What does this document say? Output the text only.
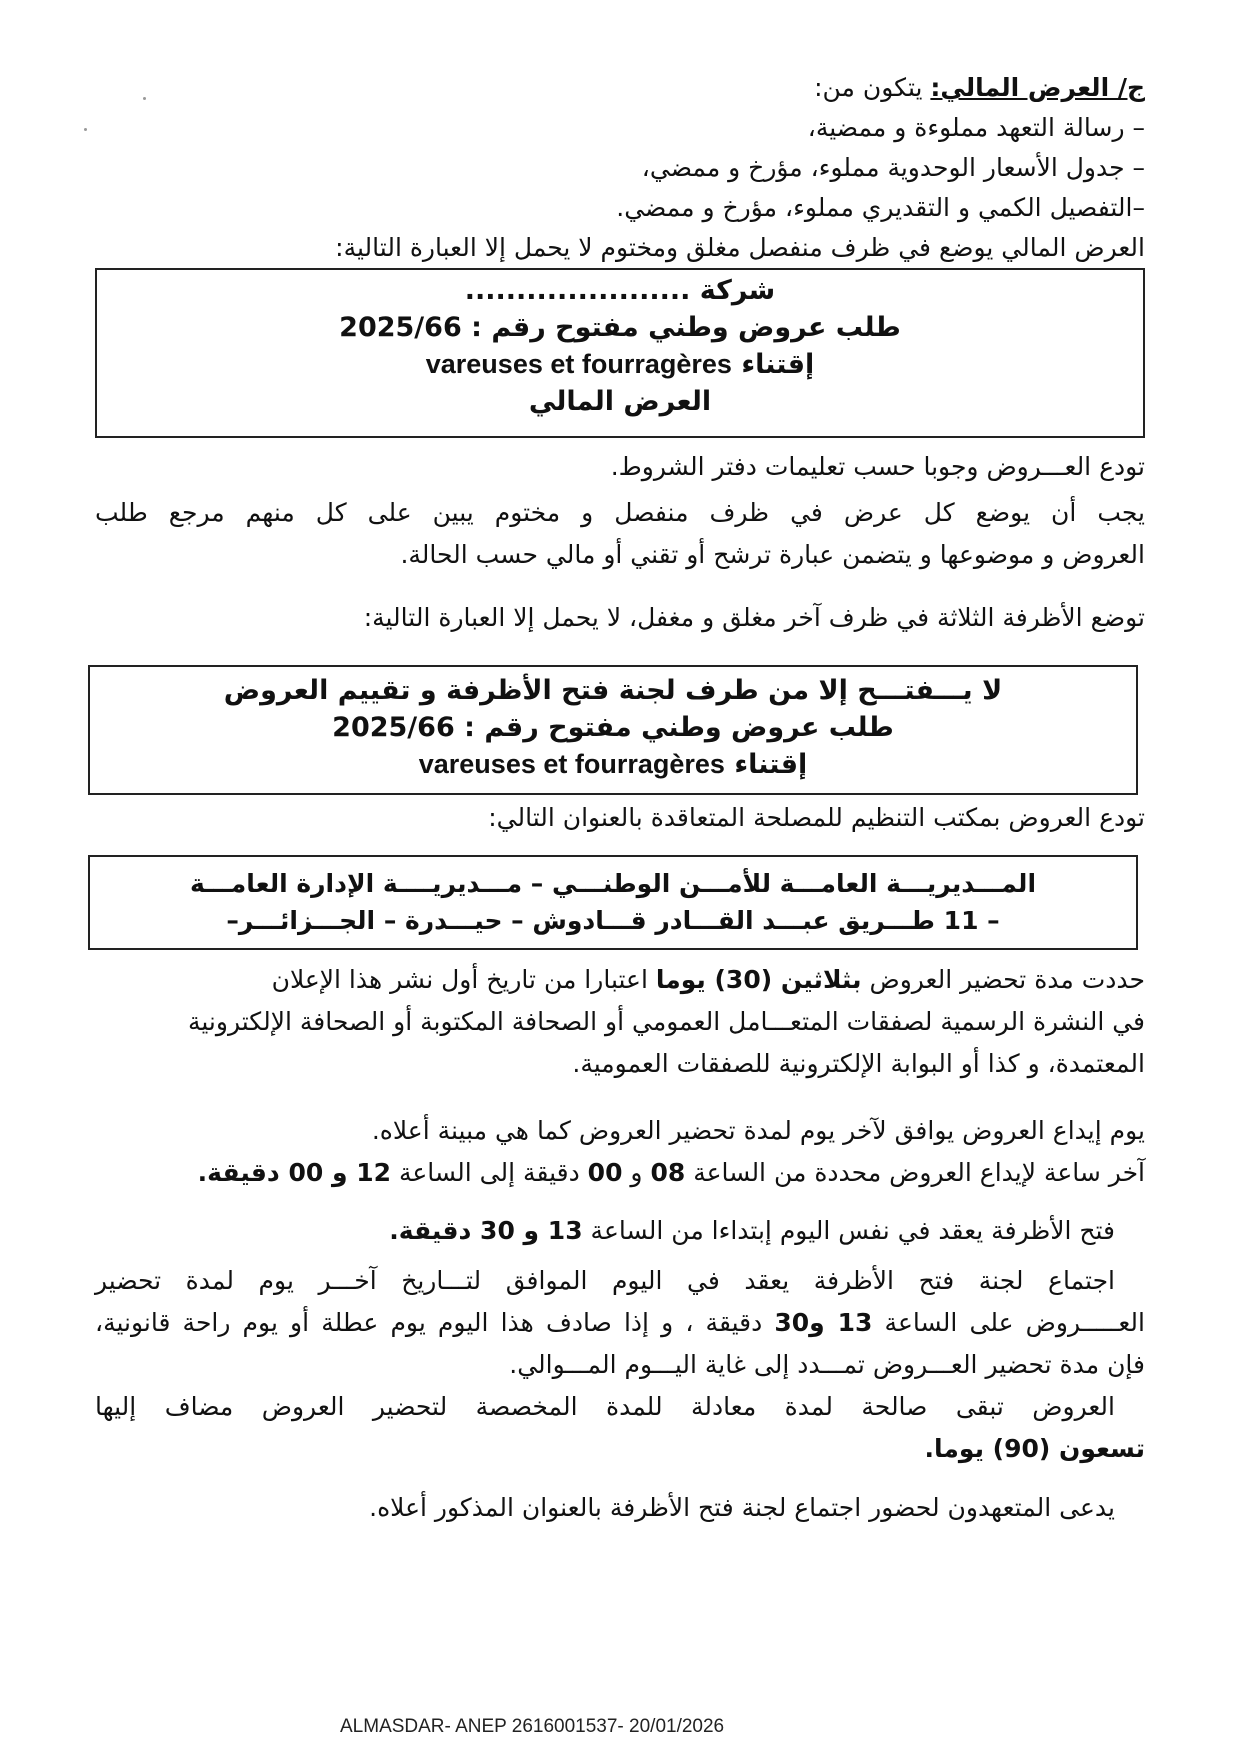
ج/ العرض المالي: يتكون من:
– رسالة التعهد مملوءة و ممضية،
– جدول الأسعار الوحدوية مملوء، مؤرخ و ممضي،
–التفصيل الكمي و التقديري مملوء، مؤرخ و ممضي.
العرض المالي يوضع في ظرف منفصل مغلق ومختوم لا يحمل إلا العبارة التالية:
شركة ......................
طلب عروض وطني مفتوح رقم : 2025/66
إقتناء vareuses et fourragères
العرض المالي
تودع العـــروض وجوبا حسب تعليمات دفتر الشروط.
يجب أن يوضع كل عرض في ظرف منفصل و مختوم يبين على كل منهم مرجع طلب
العروض و موضوعها و يتضمن عبارة ترشح أو تقني أو مالي حسب الحالة.
توضع الأظرفة الثلاثة في ظرف آخر مغلق و مغفل، لا يحمل إلا العبارة التالية:
لا يـــفتـــح إلا من طرف لجنة فتح الأظرفة و تقييم العروض
طلب عروض وطني مفتوح رقم : 2025/66
إقتناء vareuses et fourragères
تودع العروض بمكتب التنظيم للمصلحة المتعاقدة بالعنوان التالي:
المـــديريـــة العامـــة للأمـــن الوطنـــي – مـــديريــــة الإدارة العامـــة
– 11 طـــريق عبـــد القـــادر قـــادوش – حيـــدرة – الجـــزائـــر–
حددت مدة تحضير العروض بثلاثين (30) يوما اعتبارا من تاريخ أول نشر هذا الإعلان
في النشرة الرسمية لصفقات المتعـــامل العمومي أو الصحافة المكتوبة أو الصحافة الإلكترونية
المعتمدة، و كذا أو البوابة الإلكترونية للصفقات العمومية.
يوم إيداع العروض يوافق لآخر يوم لمدة تحضير العروض كما هي مبينة أعلاه.
آخر ساعة لإيداع العروض محددة من الساعة 08 و 00 دقيقة إلى الساعة 12 و 00 دقيقة.
فتح الأظرفة يعقد في نفس اليوم إبتداءا من الساعة 13 و 30 دقيقة.
اجتماع لجنة فتح الأظرفة يعقد في اليوم الموافق لتـــاريخ آخـــر يوم لمدة تحضير
العـــــروض على الساعة 13 و30 دقيقة ، و إذا صادف هذا اليوم يوم عطلة أو يوم راحة قانونية،
فإن مدة تحضير العـــروض تمـــدد إلى غاية اليـــوم المـــوالي.
العروض تبقى صالحة لمدة معادلة للمدة المخصصة لتحضير العروض مضاف إليها
تسعون (90) يوما.
يدعى المتعهدون لحضور اجتماع لجنة فتح الأظرفة بالعنوان المذكور أعلاه.
ALMASDAR- ANEP 2616001537- 20/01/2026
